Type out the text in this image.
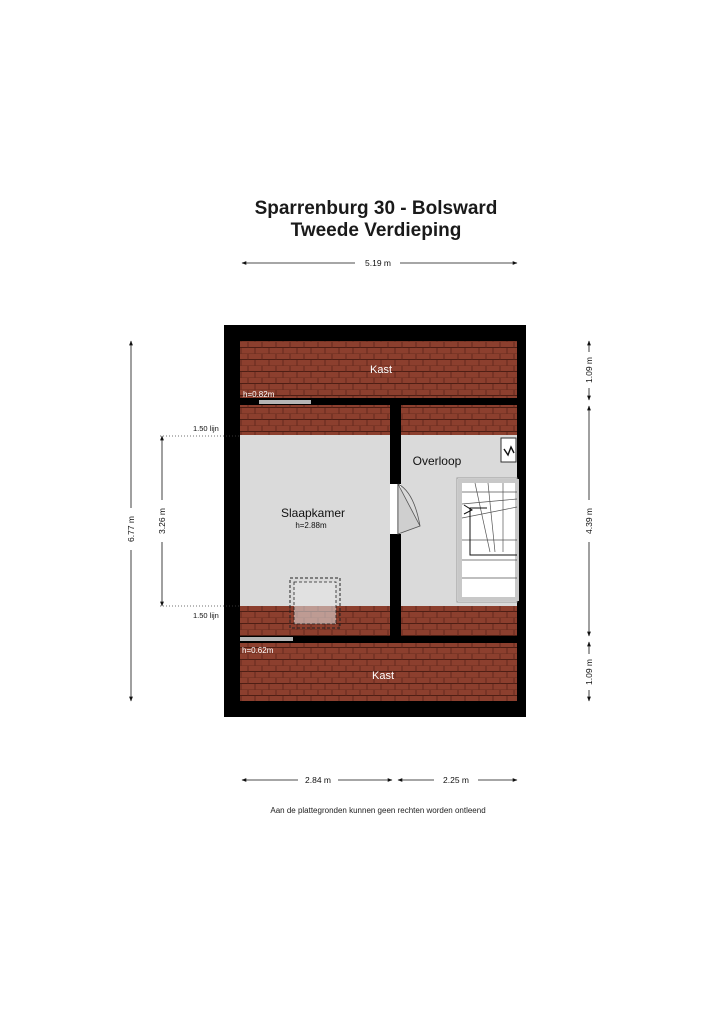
Sparrenburg 30 - Bolsward
Tweede Verdieping
Kast
Kast
Slaapkamer
h=2.88m
Overloop
h=0.82m
h=0.62m
1.50 lijn
1.50 lijn
5.19 m
2.84 m	2.25 m
6.77 m 3.26 m
1.09 m
4.39 m
1.09 m
Aan de plattegronden kunnen geen rechten worden ontleend
